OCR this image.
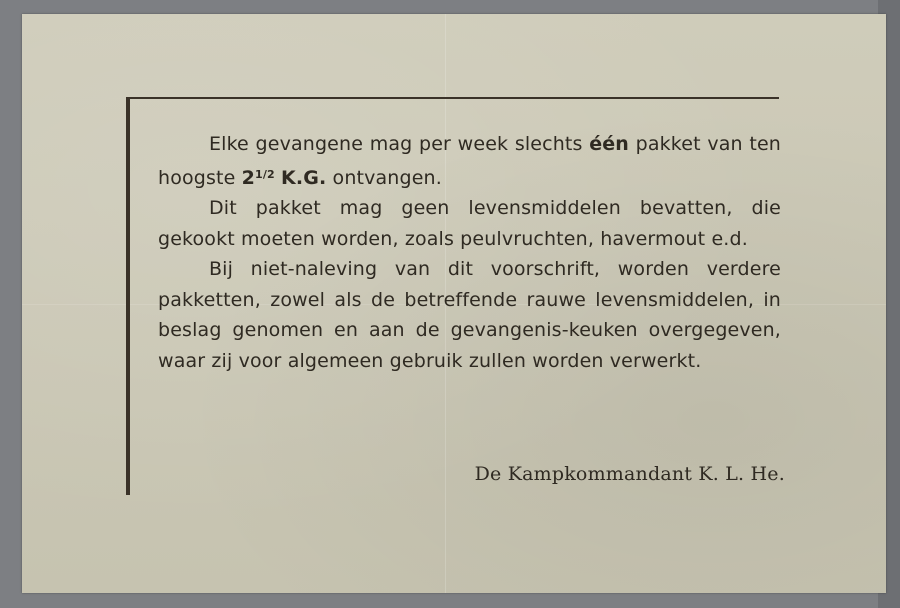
Elke gevangene mag per week slechts één pakket van ten hoogste $2^{1/2}$ K.G. ontvangen.

Dit pakket mag geen levensmiddelen bevatten, die gekookt moeten worden, zoals peulvruchten, havermout e.d.

Bij niet-naleving van dit voorschrift, worden verdere pakketten, zowel als de betreffende rauwe levensmiddelen, in beslag genomen en aan de gevangenis-keuken overgegeven, waar zij voor algemeen gebruik zullen worden verwerkt.

De Kampkommandant K. L. He.
